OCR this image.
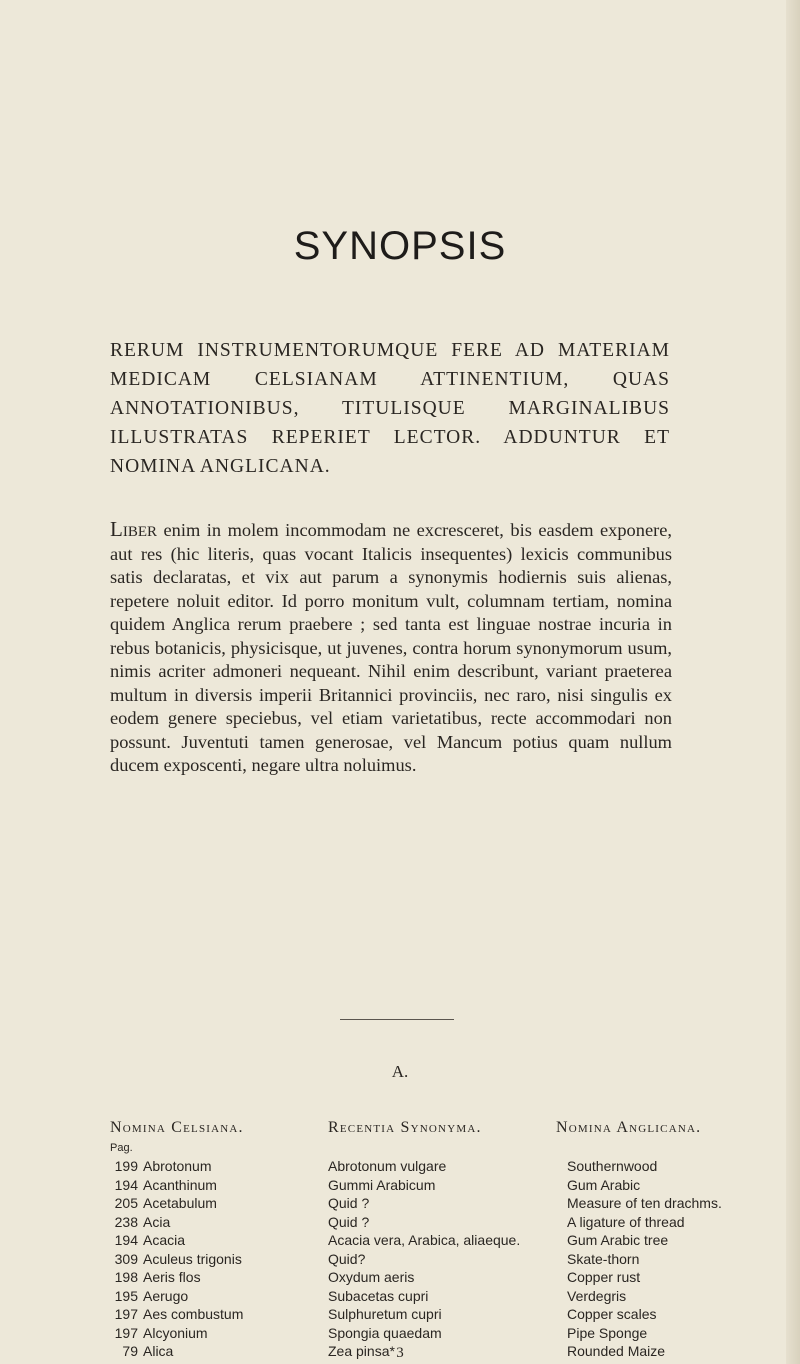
SYNOPSIS

RERUM INSTRUMENTORUMQUE FERE AD MATERIAM MEDICAM CELSIANAM ATTINENTIUM, QUAS ANNOTATIONIBUS, TITULISQUE MARGINALIBUS ILLUSTRATAS REPERIET LECTOR. ADDUNTUR ET NOMINA ANGLICANA.

Liber enim in molem incommodam ne excresceret, bis easdem exponere, aut res (hic literis, quas vocant Italicis insequentes) lexicis communibus satis declaratas, et vix aut parum a synonymis hodiernis suis alienas, repetere noluit editor. Id porro monitum vult, columnam tertiam, nomina quidem Anglica rerum praebere ; sed tanta est linguae nostrae incuria in rebus botanicis, physicisque, ut juvenes, contra horum synonymorum usum, nimis acriter admoneri nequeant. Nihil enim describunt, variant praeterea multum in diversis imperii Britannici provinciis, nec raro, nisi singulis ex eodem genere speciebus, vel etiam varietatibus, recte accommodari non possunt. Juventuti tamen generosae, vel Mancum potius quam nullum ducem exposcenti, negare ultra noluimus.

A.
Nomina Celsiana.	Recentia Synonyma.	Nomina Anglicana.
Pag.
199 Abrotonum
194 Acanthinum
205 Acetabulum
238 Acia
194 Acacia
309 Aculeus trigonis
198 Aeris flos
195 Aerugo
197 Aes combustum
197 Alcyonium
79 Alica
Abrotonum vulgare
Gummi Arabicum
Quid ?
Quid ?
Acacia vera, Arabica, aliaeque.
Quid?
Oxydum aeris
Subacetas cupri
Sulphuretum cupri
Spongia quaedam
Zea pinsa*
Southernwood
Gum Arabic
Measure of ten drachms.
A ligature of thread
Gum Arabic tree
Skate-thorn
Copper rust
Verdegris
Copper scales
Pipe Sponge
Rounded Maize
3
